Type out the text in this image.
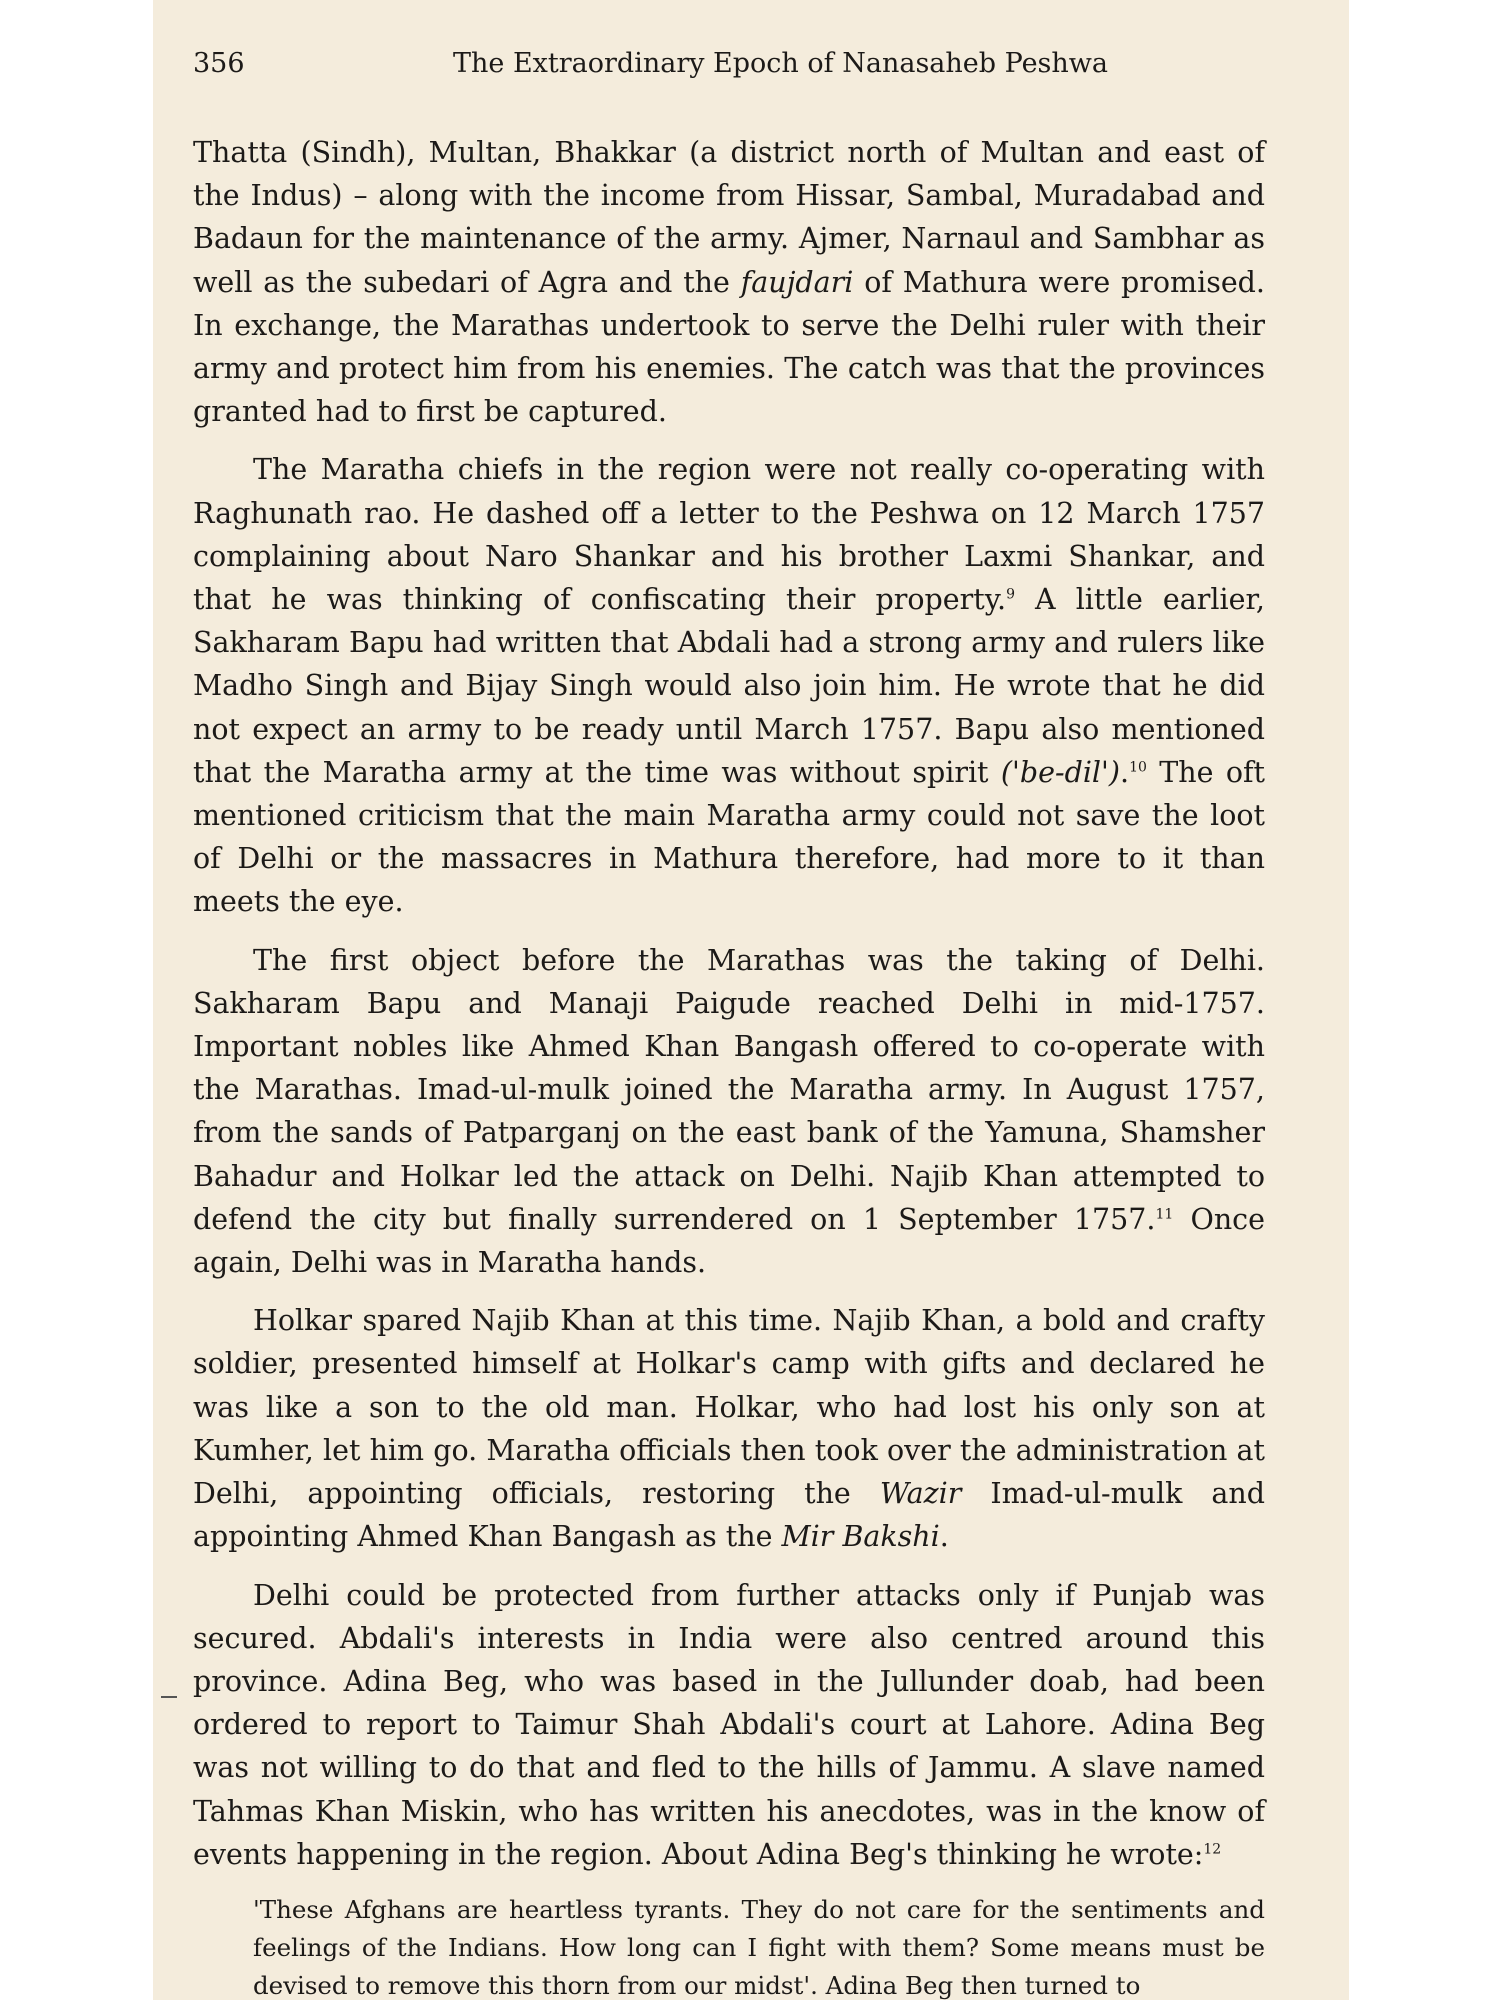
356	The Extraordinary Epoch of Nanasaheb Peshwa

Thatta (Sindh), Multan, Bhakkar (a district north of Multan and east of the Indus) – along with the income from Hissar, Sambal, Muradabad and Badaun for the maintenance of the army. Ajmer, Narnaul and Sambhar as well as the subedari of Agra and the faujdari of Mathura were promised. In exchange, the Marathas undertook to serve the Delhi ruler with their army and protect him from his enemies. The catch was that the provinces granted had to first be captured.

The Maratha chiefs in the region were not really co-operating with Raghunath rao. He dashed off a letter to the Peshwa on 12 March 1757 complaining about Naro Shankar and his brother Laxmi Shankar, and that he was thinking of confiscating their property.$^9$ A little earlier, Sakharam Bapu had written that Abdali had a strong army and rulers like Madho Singh and Bijay Singh would also join him. He wrote that he did not expect an army to be ready until March 1757. Bapu also mentioned that the Maratha army at the time was without spirit ('be-dil').$^{10}$ The oft mentioned criticism that the main Maratha army could not save the loot of Delhi or the massacres in Mathura therefore, had more to it than meets the eye.

The first object before the Marathas was the taking of Delhi. Sakharam Bapu and Manaji Paigude reached Delhi in mid-1757. Important nobles like Ahmed Khan Bangash offered to co-operate with the Marathas. Imad-ul-mulk joined the Maratha army. In August 1757, from the sands of Patparganj on the east bank of the Yamuna, Shamsher Bahadur and Holkar led the attack on Delhi. Najib Khan attempted to defend the city but finally surrendered on 1 September 1757.11 Once again, Delhi was in Maratha hands.

Holkar spared Najib Khan at this time. Najib Khan, a bold and crafty soldier, presented himself at Holkar's camp with gifts and declared he was like a son to the old man. Holkar, who had lost his only son at Kumher, let him go. Maratha officials then took over the administration at Delhi, appointing officials, restoring the Wazir Imad-ul-mulk and appointing Ahmed Khan Bangash as the Mir Bakshi.

Delhi could be protected from further attacks only if Punjab was secured. Abdali's interests in India were also centred around this province. Adina Beg, who was based in the Jullunder doab, had been ordered to report to Taimur Shah Abdali's court at Lahore. Adina Beg was not willing to do that and fled to the hills of Jammu. A slave named Tahmas Khan Miskin, who has written his anecdotes, was in the know of events happening in the region. About Adina Beg's thinking he wrote:$^{12}$

'These Afghans are heartless tyrants. They do not care for the sentiments and feelings of the Indians. How long can I fight with them? Some means must be devised to remove this thorn from our midst'. Adina Beg then turned to
